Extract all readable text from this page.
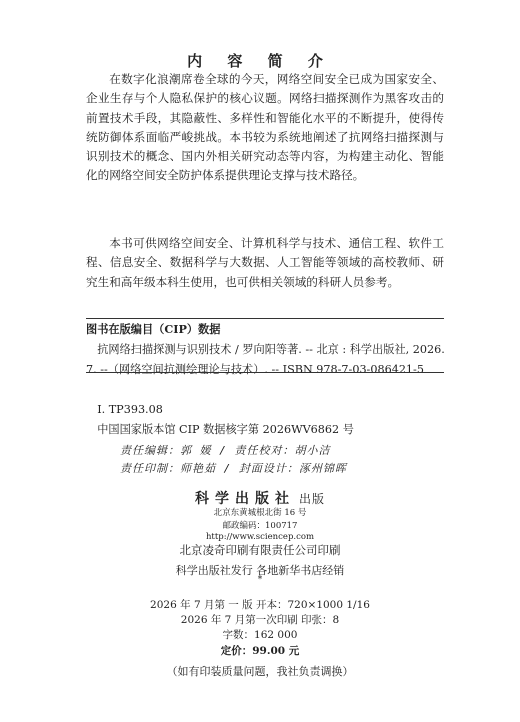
内 容 简 介

在数字化浪潮席卷全球的今天，网络空间安全已成为国家安全、企业生存与个人隐私保护的核心议题。网络扫描探测作为黑客攻击的前置技术手段，其隐蔽性、多样性和智能化水平的不断提升，使得传统防御体系面临严峻挑战。本书较为系统地阐述了抗网络扫描探测与识别技术的概念、国内外相关研究动态等内容，为构建主动化、智能化的网络空间安全防护体系提供理论支撑与技术路径。

本书可供网络空间安全、计算机科学与技术、通信工程、软件工程、信息安全、数据科学与大数据、人工智能等领域的高校教师、研究生和高年级本科生使用，也可供相关领域的科研人员参考。

图书在版编目（CIP）数据

抗网络扫描探测与识别技术 / 罗向阳等著. -- 北京 : 科学出版社, 2026. 7. --（网络空间抗测绘理论与技术）. -- ISBN 978-7-03-086421-5

Ⅰ. TP393.08
中国国家版本馆 CIP 数据核字第 2026WV6862 号
责任编辑：郭 媛 / 责任校对：胡小洁
责任印制：师艳茹 / 封面设计：涿州锦晖
科学出版社 出版
北京东黄城根北街 16 号
邮政编码：100717
http://www.sciencep.com
北京凌奇印刷有限责任公司印刷
科学出版社发行 各地新华书店经销
*
2026 年 7 月第 一 版 开本：720×1000 1/16
2026 年 7 月第一次印刷 印张：8
字数：162 000
定价：99.00 元
（如有印装质量问题，我社负责调换）
